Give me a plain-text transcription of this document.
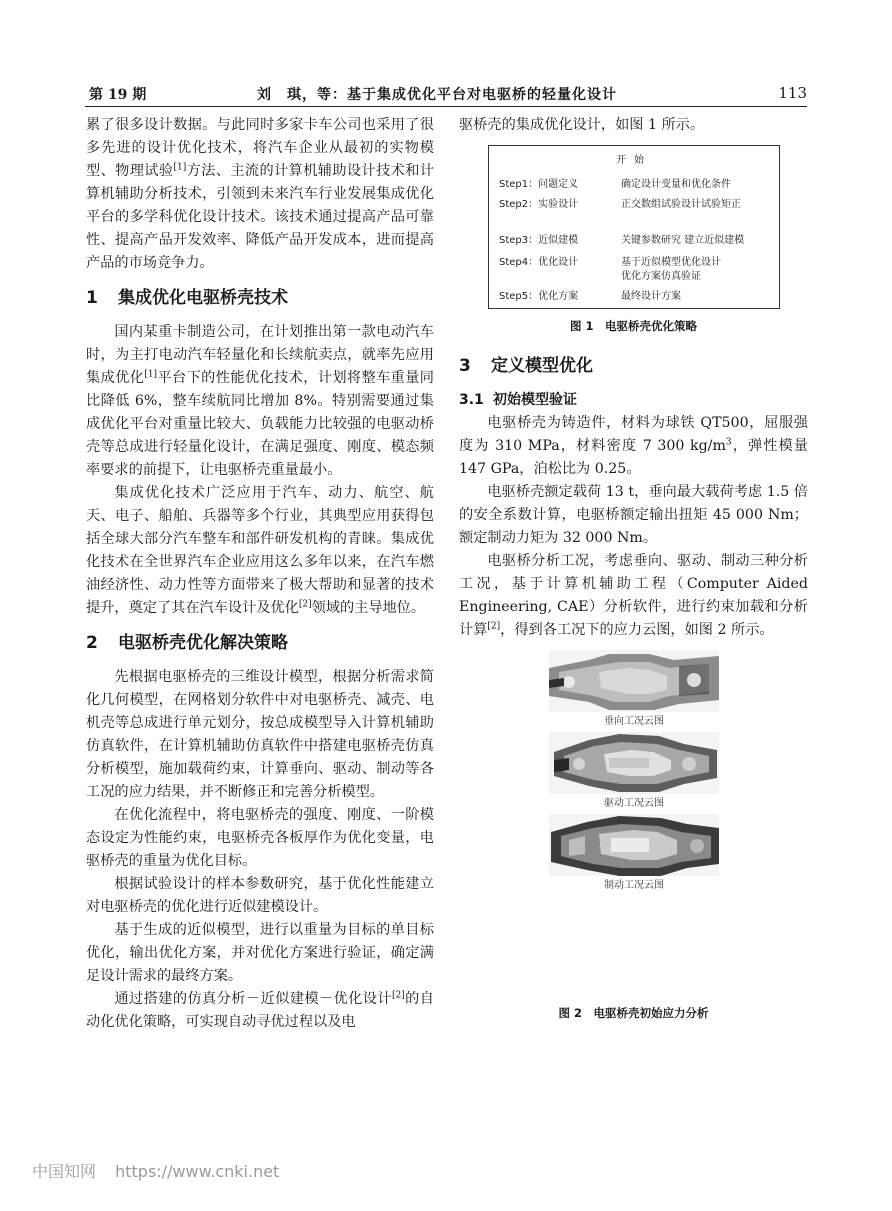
第 19 期	刘　琪，等：基于集成优化平台对电驱桥的轻量化设计	113

累了很多设计数据。与此同时多家卡车公司也采用了很多先进的设计优化技术，将汽车企业从最初的实物模型、物理试验[1]方法、主流的计算机辅助设计技术和计算机辅助分析技术，引领到未来汽车行业发展集成优化平台的多学科优化设计技术。该技术通过提高产品可靠性、提高产品开发效率、降低产品开发成本，进而提高产品的市场竞争力。

1 集成优化电驱桥壳技术

国内某重卡制造公司，在计划推出第一款电动汽车时，为主打电动汽车轻量化和长续航卖点，就率先应用集成优化[1]平台下的性能优化技术，计划将整车重量同比降低 6%，整车续航同比增加 8%。特别需要通过集成优化平台对重量比较大、负载能力比较强的电驱动桥壳等总成进行轻量化设计，在满足强度、刚度、模态频率要求的前提下，让电驱桥壳重量最小。

集成优化技术广泛应用于汽车、动力、航空、航天、电子、船舶、兵器等多个行业，其典型应用获得包括全球大部分汽车整车和部件研发机构的青睐。集成优化技术在全世界汽车企业应用这么多年以来，在汽车燃油经济性、动力性等方面带来了极大帮助和显著的技术提升，奠定了其在汽车设计及优化[2]领域的主导地位。

2 电驱桥壳优化解决策略

先根据电驱桥壳的三维设计模型，根据分析需求简化几何模型，在网格划分软件中对电驱桥壳、减壳、电机壳等总成进行单元划分，按总成模型导入计算机辅助仿真软件，在计算机辅助仿真软件中搭建电驱桥壳仿真分析模型，施加载荷约束，计算垂向、驱动、制动等各工况的应力结果，并不断修正和完善分析模型。

在优化流程中，将电驱桥壳的强度、刚度、一阶模态设定为性能约束，电驱桥壳各板厚作为优化变量，电驱桥壳的重量为优化目标。

根据试验设计的样本参数研究，基于优化性能建立对电驱桥壳的优化进行近似建模设计。

基于生成的近似模型，进行以重量为目标的单目标优化，输出优化方案，并对优化方案进行验证，确定满足设计需求的最终方案。

通过搭建的仿真分析－近似建模－优化设计[2]的自动化优化策略，可实现自动寻优过程以及电

驱桥壳的集成优化设计，如图 1 所示。

开始
Step1：问题定义	确定设计变量和优化条件
Step2：实验设计	正交数组试验设计试验矩正
Step3：近似建模	关键参数研究 建立近似建模
Step4：优化设计	基于近似模型优化设计
优化方案仿真验证
Step5：优化方案	最终设计方案

图 1　电驱桥壳优化策略

3 定义模型优化
3.1 初始模型验证

电驱桥壳为铸造件，材料为球铁 QT500，屈服强度为 310 MPa，材料密度 7 300 $kg/m^3$，弹性模量 147 GPa，泊松比为 0.25。

电驱桥壳额定载荷 13 t，垂向最大载荷考虑 1.5 倍的安全系数计算，电驱桥额定输出扭矩 45 000 Nm；额定制动力矩为 32 000 Nm。

电驱桥分析工况，考虑垂向、驱动、制动三种分析工况，基于计算机辅助工程（Computer Aided Engineering, CAE）分析软件，进行约束加载和分析计算[2]，得到各工况下的应力云图，如图 2 所示。

垂向工况云图
驱动工况云图
制动工况云图

图 2　电驱桥壳初始应力分析

中国知网 https://www.cnki.net
